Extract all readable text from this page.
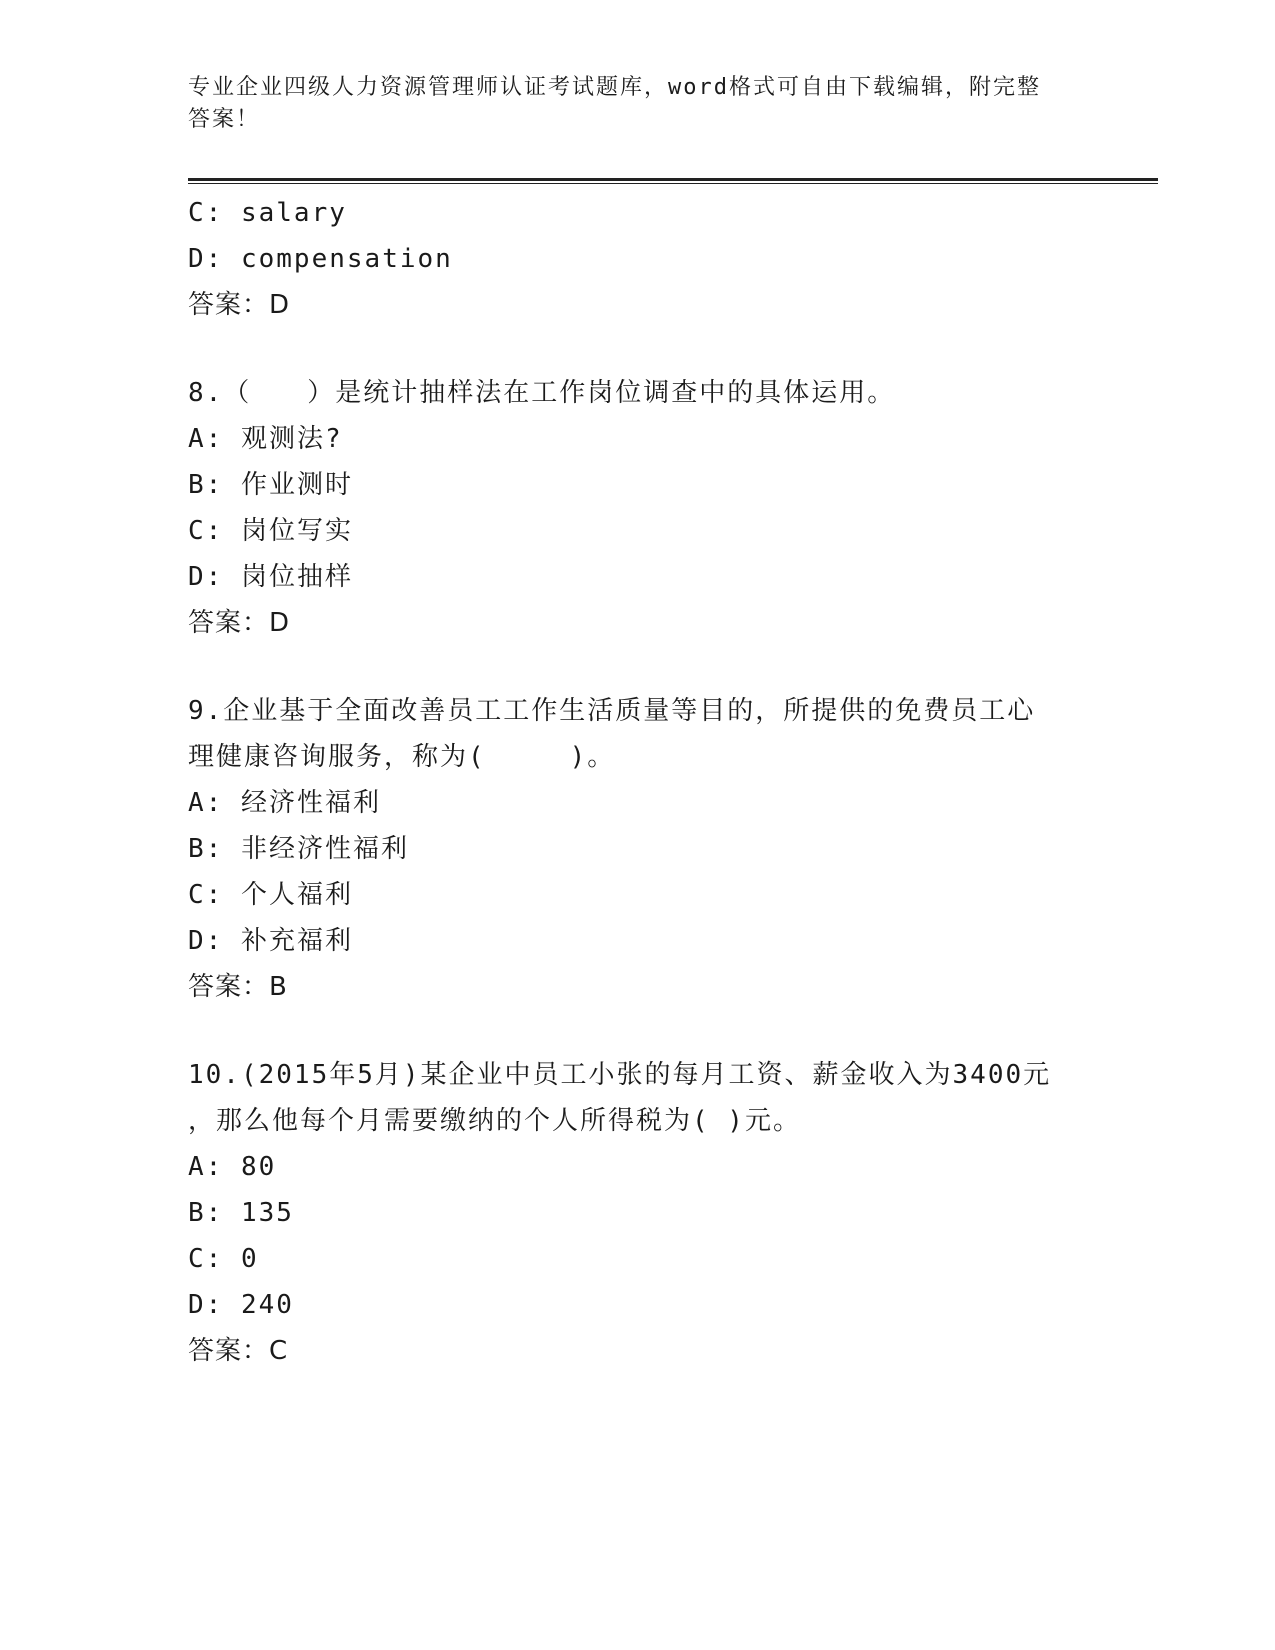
专业企业四级人力资源管理师认证考试题库，word格式可自由下载编辑，附完整
答案！
C: salary
D: compensation
答案：D
8.（　　）是统计抽样法在工作岗位调查中的具体运用。
A: 观测法?
B: 作业测时
C: 岗位写实
D: 岗位抽样
答案：D
9.企业基于全面改善员工工作生活质量等目的，所提供的免费员工心
理健康咨询服务，称为(　　　)。
A: 经济性福利
B: 非经济性福利
C: 个人福利
D: 补充福利
答案：B
10.(2015年5月)某企业中员工小张的每月工资、薪金收入为3400元
，那么他每个月需要缴纳的个人所得税为( )元。
A: 80
B: 135
C: 0
D: 240
答案：C
